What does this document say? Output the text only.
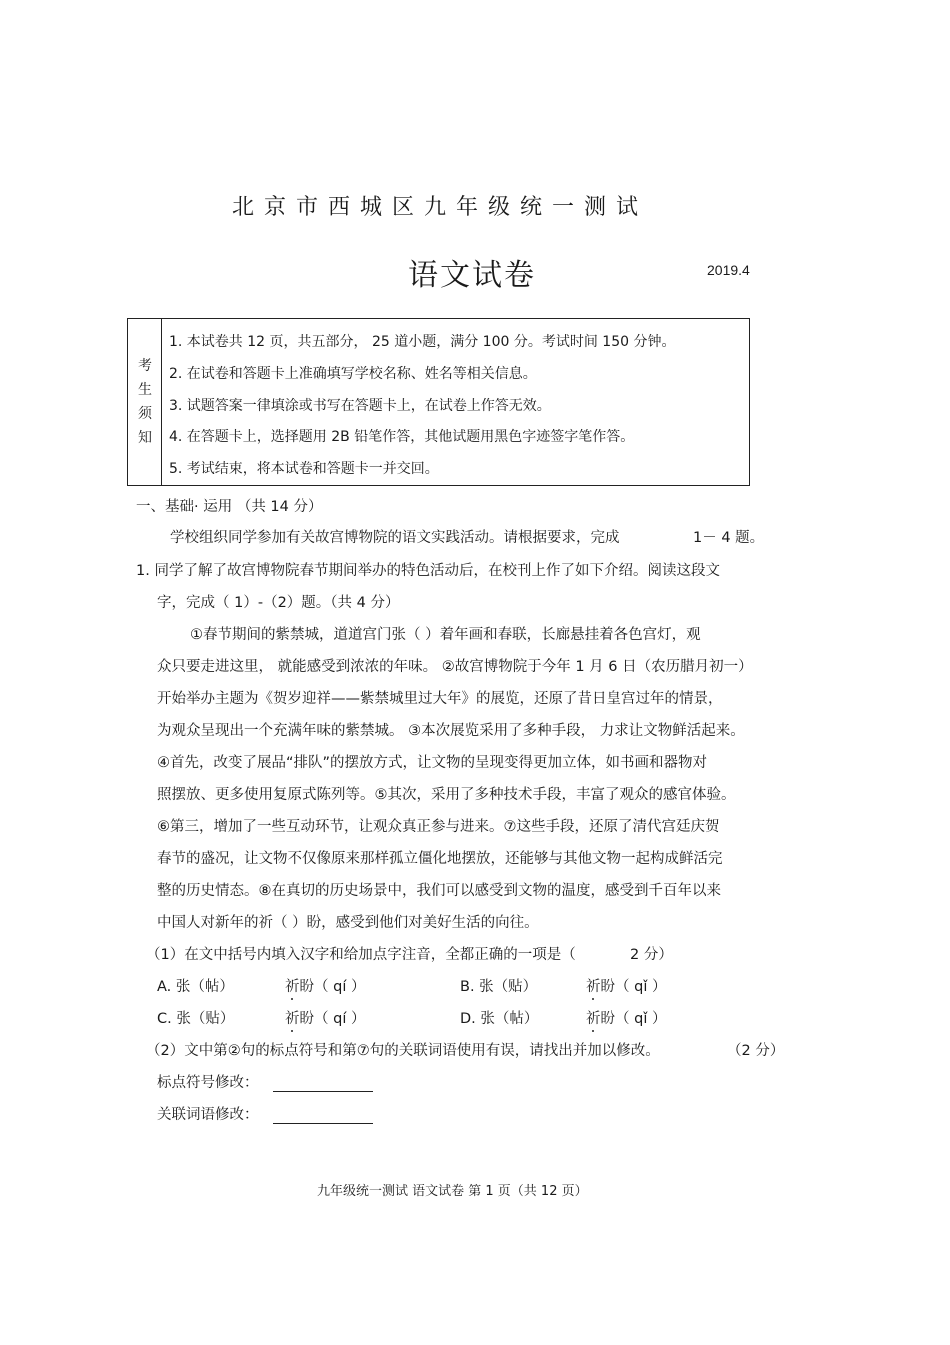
北京市西城区九年级统一测试
语文试卷	2019.4
考
生
须
知
1. 本试卷共 12 页，共五部分， 25 道小题，满分 100 分。考试时间 150 分钟。
2. 在试卷和答题卡上准确填写学校名称、姓名等相关信息。
3. 试题答案一律填涂或书写在答题卡上，在试卷上作答无效。
4. 在答题卡上，选择题用 2B 铅笔作答，其他试题用黑色字迹签字笔作答。
5. 考试结束，将本试卷和答题卡一并交回。
一、基础· 运用 （共 14 分）
学校组织同学参加有关故宫博物院的语文实践活动。请根据要求，完成	1－ 4 题。
1. 同学了解了故宫博物院春节期间举办的特色活动后，在校刊上作了如下介绍。阅读这段文
字，完成（ 1）-（2）题。（共 4 分）
①春节期间的紫禁城，道道宫门张（ ）着年画和春联，长廊悬挂着各色宫灯，观
众只要走进这里， 就能感受到浓浓的年味。 ②故宫博物院于今年 1 月 6 日（农历腊月初一）
开始举办主题为《贺岁迎祥——紫禁城里过大年》的展览，还原了昔日皇宫过年的情景，
为观众呈现出一个充满年味的紫禁城。 ③本次展览采用了多种手段， 力求让文物鲜活起来。
④首先，改变了展品“排队”的摆放方式，让文物的呈现变得更加立体，如书画和器物对
照摆放、更多使用复原式陈列等。⑤其次，采用了多种技术手段，丰富了观众的感官体验。
⑥第三，增加了一些互动环节，让观众真正参与进来。⑦这些手段，还原了清代宫廷庆贺
春节的盛况，让文物不仅像原来那样孤立僵化地摆放，还能够与其他文物一起构成鲜活完
整的历史情态。⑧在真切的历史场景中，我们可以感受到文物的温度，感受到千百年以来
中国人对新年的祈（ ）盼，感受到他们对美好生活的向往。
（1）在文中括号内填入汉字和给加点字注音，全都正确的一项是（	2 分）
A. 张（帖）	祈盼（ qí ）	B. 张（贴）	祈盼（ qǐ ）
C. 张（贴）	祈盼（ qí ）	D. 张（帖）	祈盼（ qǐ ）
（2）文中第②句的标点符号和第⑦句的关联词语使用有误，请找出并加以修改。	（2 分）
标点符号修改：
关联词语修改：
九年级统一测试 语文试卷 第 1 页（共 12 页）
